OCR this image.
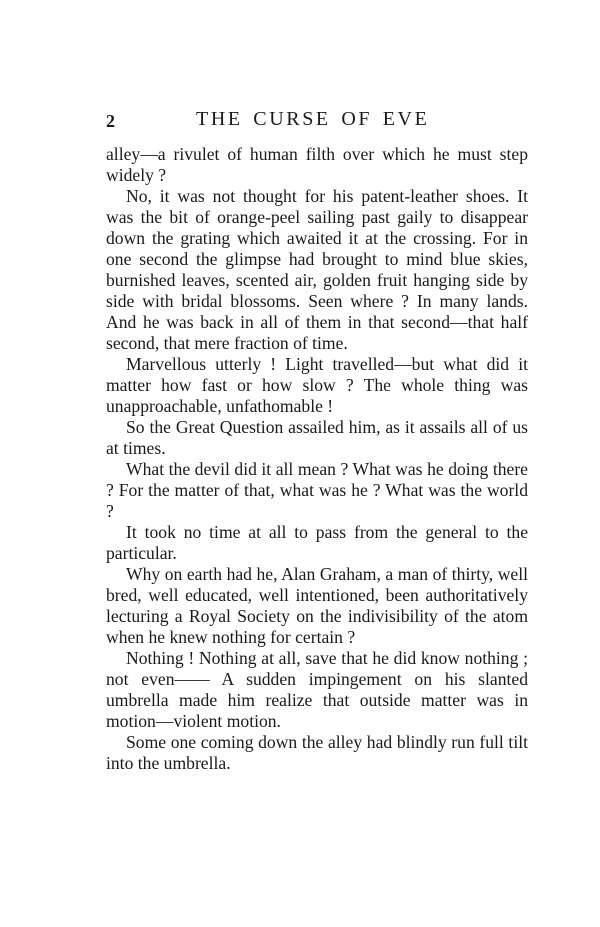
2	THE CURSE OF EVE

alley—a rivulet of human filth over which he must step widely ?

No, it was not thought for his patent-leather shoes. It was the bit of orange-peel sailing past gaily to disappear down the grating which awaited it at the crossing. For in one second the glimpse had brought to mind blue skies, burnished leaves, scented air, golden fruit hanging side by side with bridal blossoms. Seen where ? In many lands. And he was back in all of them in that second—that half second, that mere fraction of time.

Marvellous utterly ! Light travelled—but what did it matter how fast or how slow ? The whole thing was unapproachable, unfathomable !

So the Great Question assailed him, as it assails all of us at times.

What the devil did it all mean ? What was he doing there ? For the matter of that, what was he ? What was the world ?

It took no time at all to pass from the general to the particular.

Why on earth had he, Alan Graham, a man of thirty, well bred, well educated, well intentioned, been authoritatively lecturing a Royal Society on the indivisibility of the atom when he knew nothing for certain ?

Nothing ! Nothing at all, save that he did know nothing ; not even—— A sudden impingement on his slanted umbrella made him realize that outside matter was in motion—violent motion.

Some one coming down the alley had blindly run full tilt into the umbrella.
